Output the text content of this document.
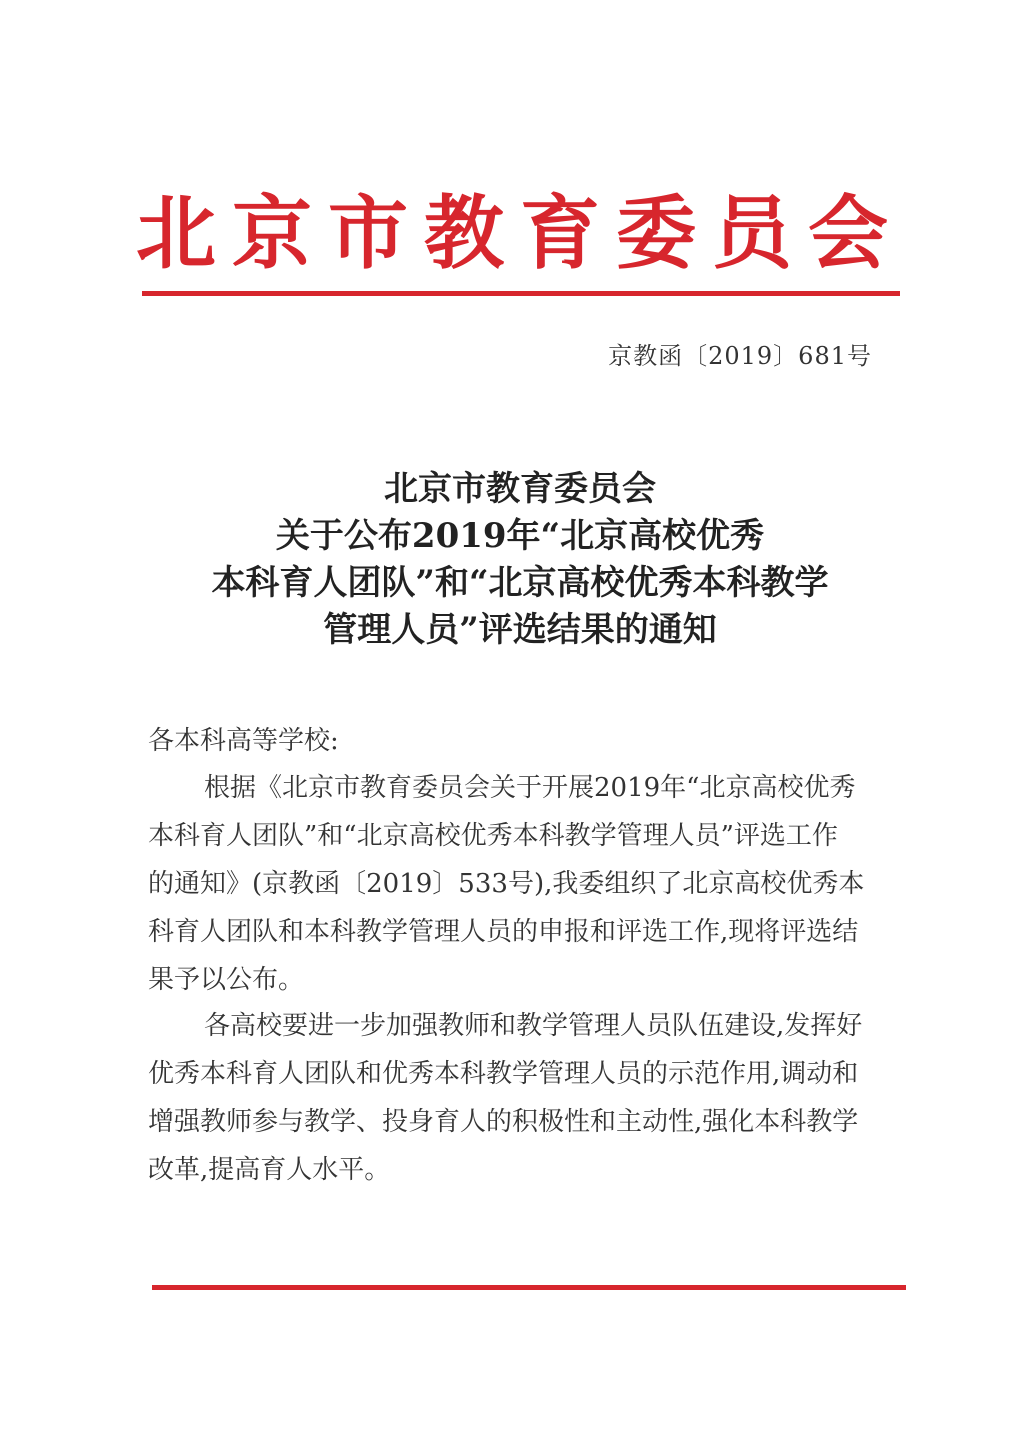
北京市教育委员会
京教函〔2019〕681号
北京市教育委员会
关于公布2019年“北京高校优秀
本科育人团队”和“北京高校优秀本科教学
管理人员”评选结果的通知
各本科高等学校:
根据《北京市教育委员会关于开展2019年“北京高校优秀
本科育人团队”和“北京高校优秀本科教学管理人员”评选工作
的通知》(京教函〔2019〕533号),我委组织了北京高校优秀本
科育人团队和本科教学管理人员的申报和评选工作,现将评选结
果予以公布。
各高校要进一步加强教师和教学管理人员队伍建设,发挥好
优秀本科育人团队和优秀本科教学管理人员的示范作用,调动和
增强教师参与教学、投身育人的积极性和主动性,强化本科教学
改革,提高育人水平。
